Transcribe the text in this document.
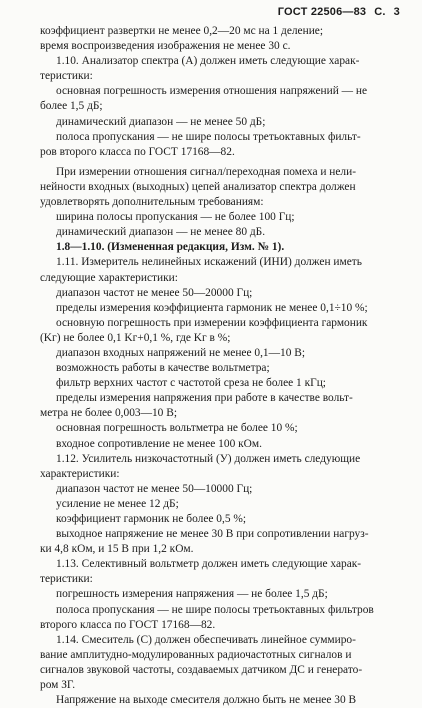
ГОСТ 22506—83 С. 3
коэффициент развертки не менее 0,2—20 мс на 1 деление;
время воспроизведения изображения не менее 30 с.
1.10. Анализатор спектра (А) должен иметь следующие харак-
теристики:
основная погрешность измерения отношения напряжений — не
более 1,5 дБ;
динамический диапазон — не менее 50 дБ;
полоса пропускания — не шире полосы третьоктавных фильт-
ров второго класса по ГОСТ 17168—82.
При измерении отношения сигнал/переходная помеха и нели-
нейности входных (выходных) цепей анализатор спектра должен
удовлетворять дополнительным требованиям:
ширина полосы пропускания — не более 100 Гц;
динамический диапазон — не менее 80 дБ.
1.8—1.10. (Измененная редакция, Изм. № 1).
1.11. Измеритель нелинейных искажений (ИНИ) должен иметь
следующие характеристики:
диапазон частот не менее 50—20000 Гц;
пределы измерения коэффициента гармоник не менее 0,1÷10 %;
основную погрешность при измерении коэффициента гармоник
(Kг) не более 0,1 Kг+0,1 %, где Kг в %;
диапазон входных напряжений не менее 0,1—10 В;
возможность работы в качестве вольтметра;
фильтр верхних частот с частотой среза не более 1 кГц;
пределы измерения напряжения при работе в качестве вольт-
метра не более 0,003—10 В;
основная погрешность вольтметра не более 10 %;
входное сопротивление не менее 100 кОм.
1.12. Усилитель низкочастотный (У) должен иметь следующие
характеристики:
диапазон частот не менее 50—10000 Гц;
усиление не менее 12 дБ;
коэффициент гармоник не более 0,5 %;
выходное напряжение не менее 30 В при сопротивлении нагруз-
ки 4,8 кОм, и 15 В при 1,2 кОм.
1.13. Селективный вольтметр должен иметь следующие харак-
теристики:
погрешность измерения напряжения — не более 1,5 дБ;
полоса пропускания — не шире полосы третьоктавных фильтров
второго класса по ГОСТ 17168—82.
1.14. Смеситель (С) должен обеспечивать линейное суммиро-
вание амплитудно-модулированных радиочастотных сигналов и
сигналов звуковой частоты, создаваемых датчиком ДС и генерато-
ром ЗГ.
Напряжение на выходе смесителя должно быть не менее 30 В
